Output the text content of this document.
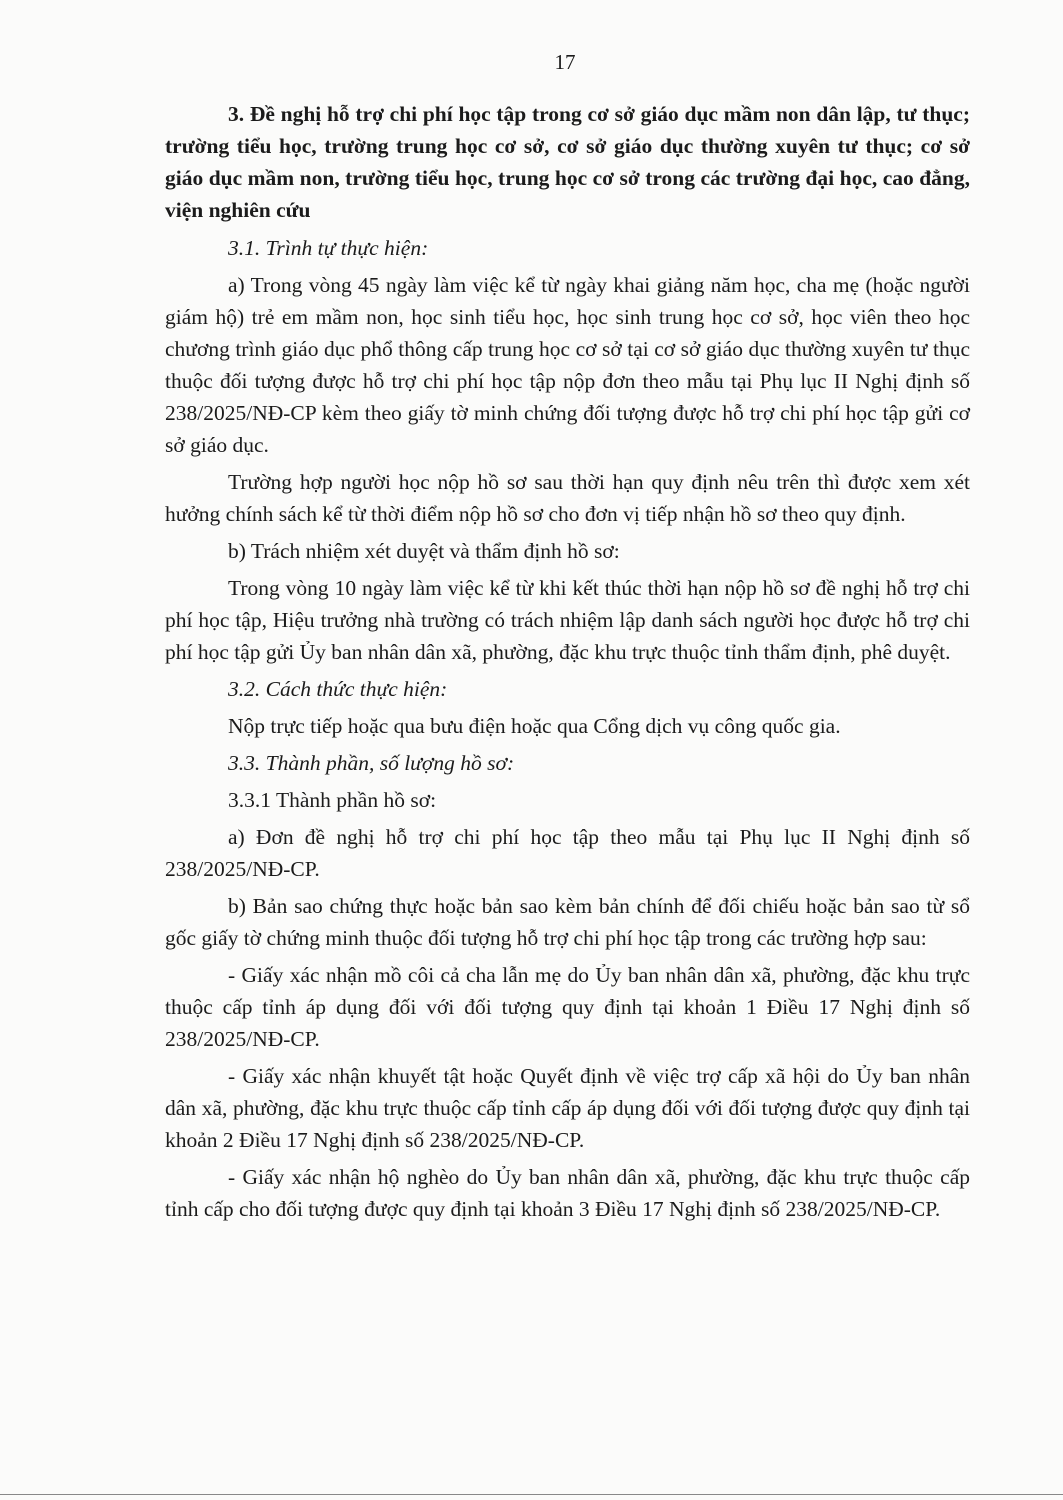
17

3. Đề nghị hỗ trợ chi phí học tập trong cơ sở giáo dục mầm non dân lập, tư thục; trường tiểu học, trường trung học cơ sở, cơ sở giáo dục thường xuyên tư thục; cơ sở giáo dục mầm non, trường tiểu học, trung học cơ sở trong các trường đại học, cao đẳng, viện nghiên cứu

3.1. Trình tự thực hiện:

a) Trong vòng 45 ngày làm việc kể từ ngày khai giảng năm học, cha mẹ (hoặc người giám hộ) trẻ em mầm non, học sinh tiểu học, học sinh trung học cơ sở, học viên theo học chương trình giáo dục phổ thông cấp trung học cơ sở tại cơ sở giáo dục thường xuyên tư thục thuộc đối tượng được hỗ trợ chi phí học tập nộp đơn theo mẫu tại Phụ lục II Nghị định số 238/2025/NĐ-CP kèm theo giấy tờ minh chứng đối tượng được hỗ trợ chi phí học tập gửi cơ sở giáo dục.

Trường hợp người học nộp hồ sơ sau thời hạn quy định nêu trên thì được xem xét hưởng chính sách kể từ thời điểm nộp hồ sơ cho đơn vị tiếp nhận hồ sơ theo quy định.

b) Trách nhiệm xét duyệt và thẩm định hồ sơ:

Trong vòng 10 ngày làm việc kể từ khi kết thúc thời hạn nộp hồ sơ đề nghị hỗ trợ chi phí học tập, Hiệu trưởng nhà trường có trách nhiệm lập danh sách người học được hỗ trợ chi phí học tập gửi Ủy ban nhân dân xã, phường, đặc khu trực thuộc tỉnh thẩm định, phê duyệt.

3.2. Cách thức thực hiện:

Nộp trực tiếp hoặc qua bưu điện hoặc qua Cổng dịch vụ công quốc gia.

3.3. Thành phần, số lượng hồ sơ:

3.3.1 Thành phần hồ sơ:

a) Đơn đề nghị hỗ trợ chi phí học tập theo mẫu tại Phụ lục II Nghị định số 238/2025/NĐ-CP.

b) Bản sao chứng thực hoặc bản sao kèm bản chính để đối chiếu hoặc bản sao từ sổ gốc giấy tờ chứng minh thuộc đối tượng hỗ trợ chi phí học tập trong các trường hợp sau:

- Giấy xác nhận mồ côi cả cha lẫn mẹ do Ủy ban nhân dân xã, phường, đặc khu trực thuộc cấp tỉnh áp dụng đối với đối tượng quy định tại khoản 1 Điều 17 Nghị định số 238/2025/NĐ-CP.

- Giấy xác nhận khuyết tật hoặc Quyết định về việc trợ cấp xã hội do Ủy ban nhân dân xã, phường, đặc khu trực thuộc cấp tỉnh cấp áp dụng đối với đối tượng được quy định tại khoản 2 Điều 17 Nghị định số 238/2025/NĐ-CP.

- Giấy xác nhận hộ nghèo do Ủy ban nhân dân xã, phường, đặc khu trực thuộc cấp tỉnh cấp cho đối tượng được quy định tại khoản 3 Điều 17 Nghị định số 238/2025/NĐ-CP.
